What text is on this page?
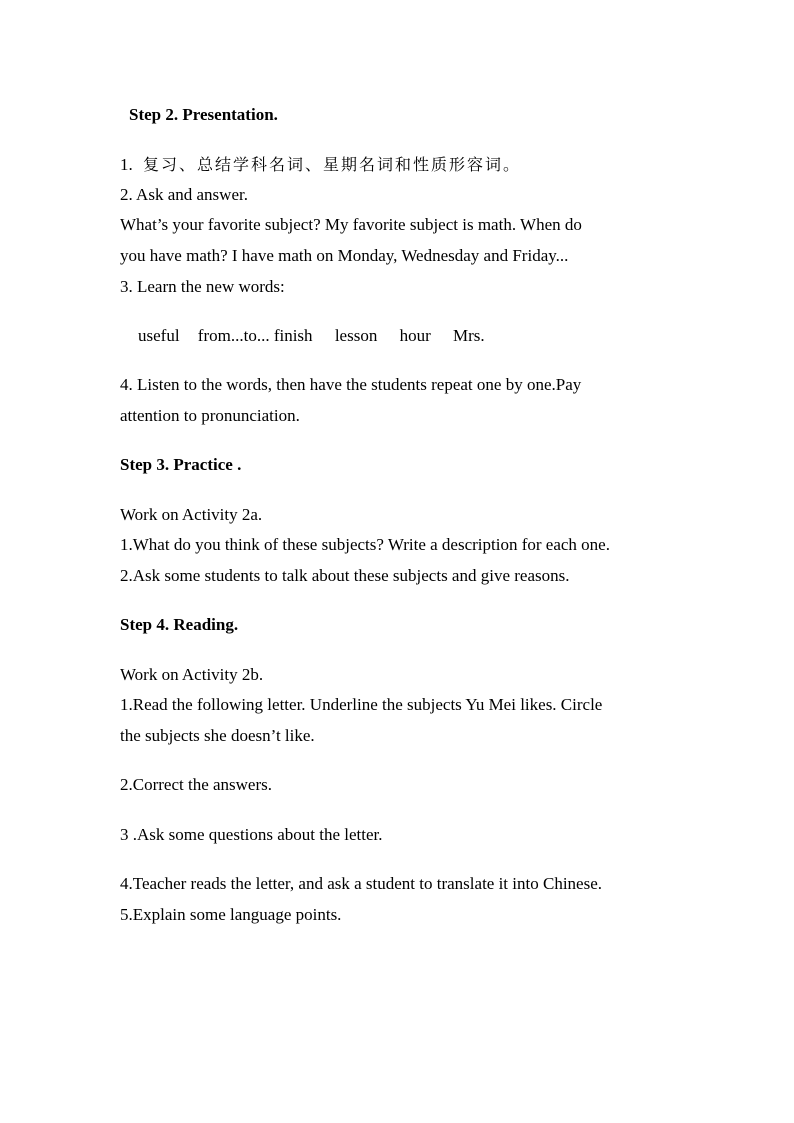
Step 2. Presentation.
1. 复习、总结学科名词、星期名词和性质形容词。
2. Ask and answer.
What’s your favorite subject? My favorite subject is math. When do
you have math? I have math on Monday, Wednesday and Friday...
3. Learn the new words:
useful from...to... finish lesson hour Mrs.
4. Listen to the words, then have the students repeat one by one.Pay
attention to pronunciation.
Step 3. Practice .
Work on Activity 2a.
1.What do you think of these subjects? Write a description for each one.
2.Ask some students to talk about these subjects and give reasons.
Step 4. Reading.
Work on Activity 2b.
1.Read the following letter. Underline the subjects Yu Mei likes. Circle
the subjects she doesn’t like.
2.Correct the answers.
3 .Ask some questions about the letter.
4.Teacher reads the letter, and ask a student to translate it into Chinese.
5.Explain some language points.
